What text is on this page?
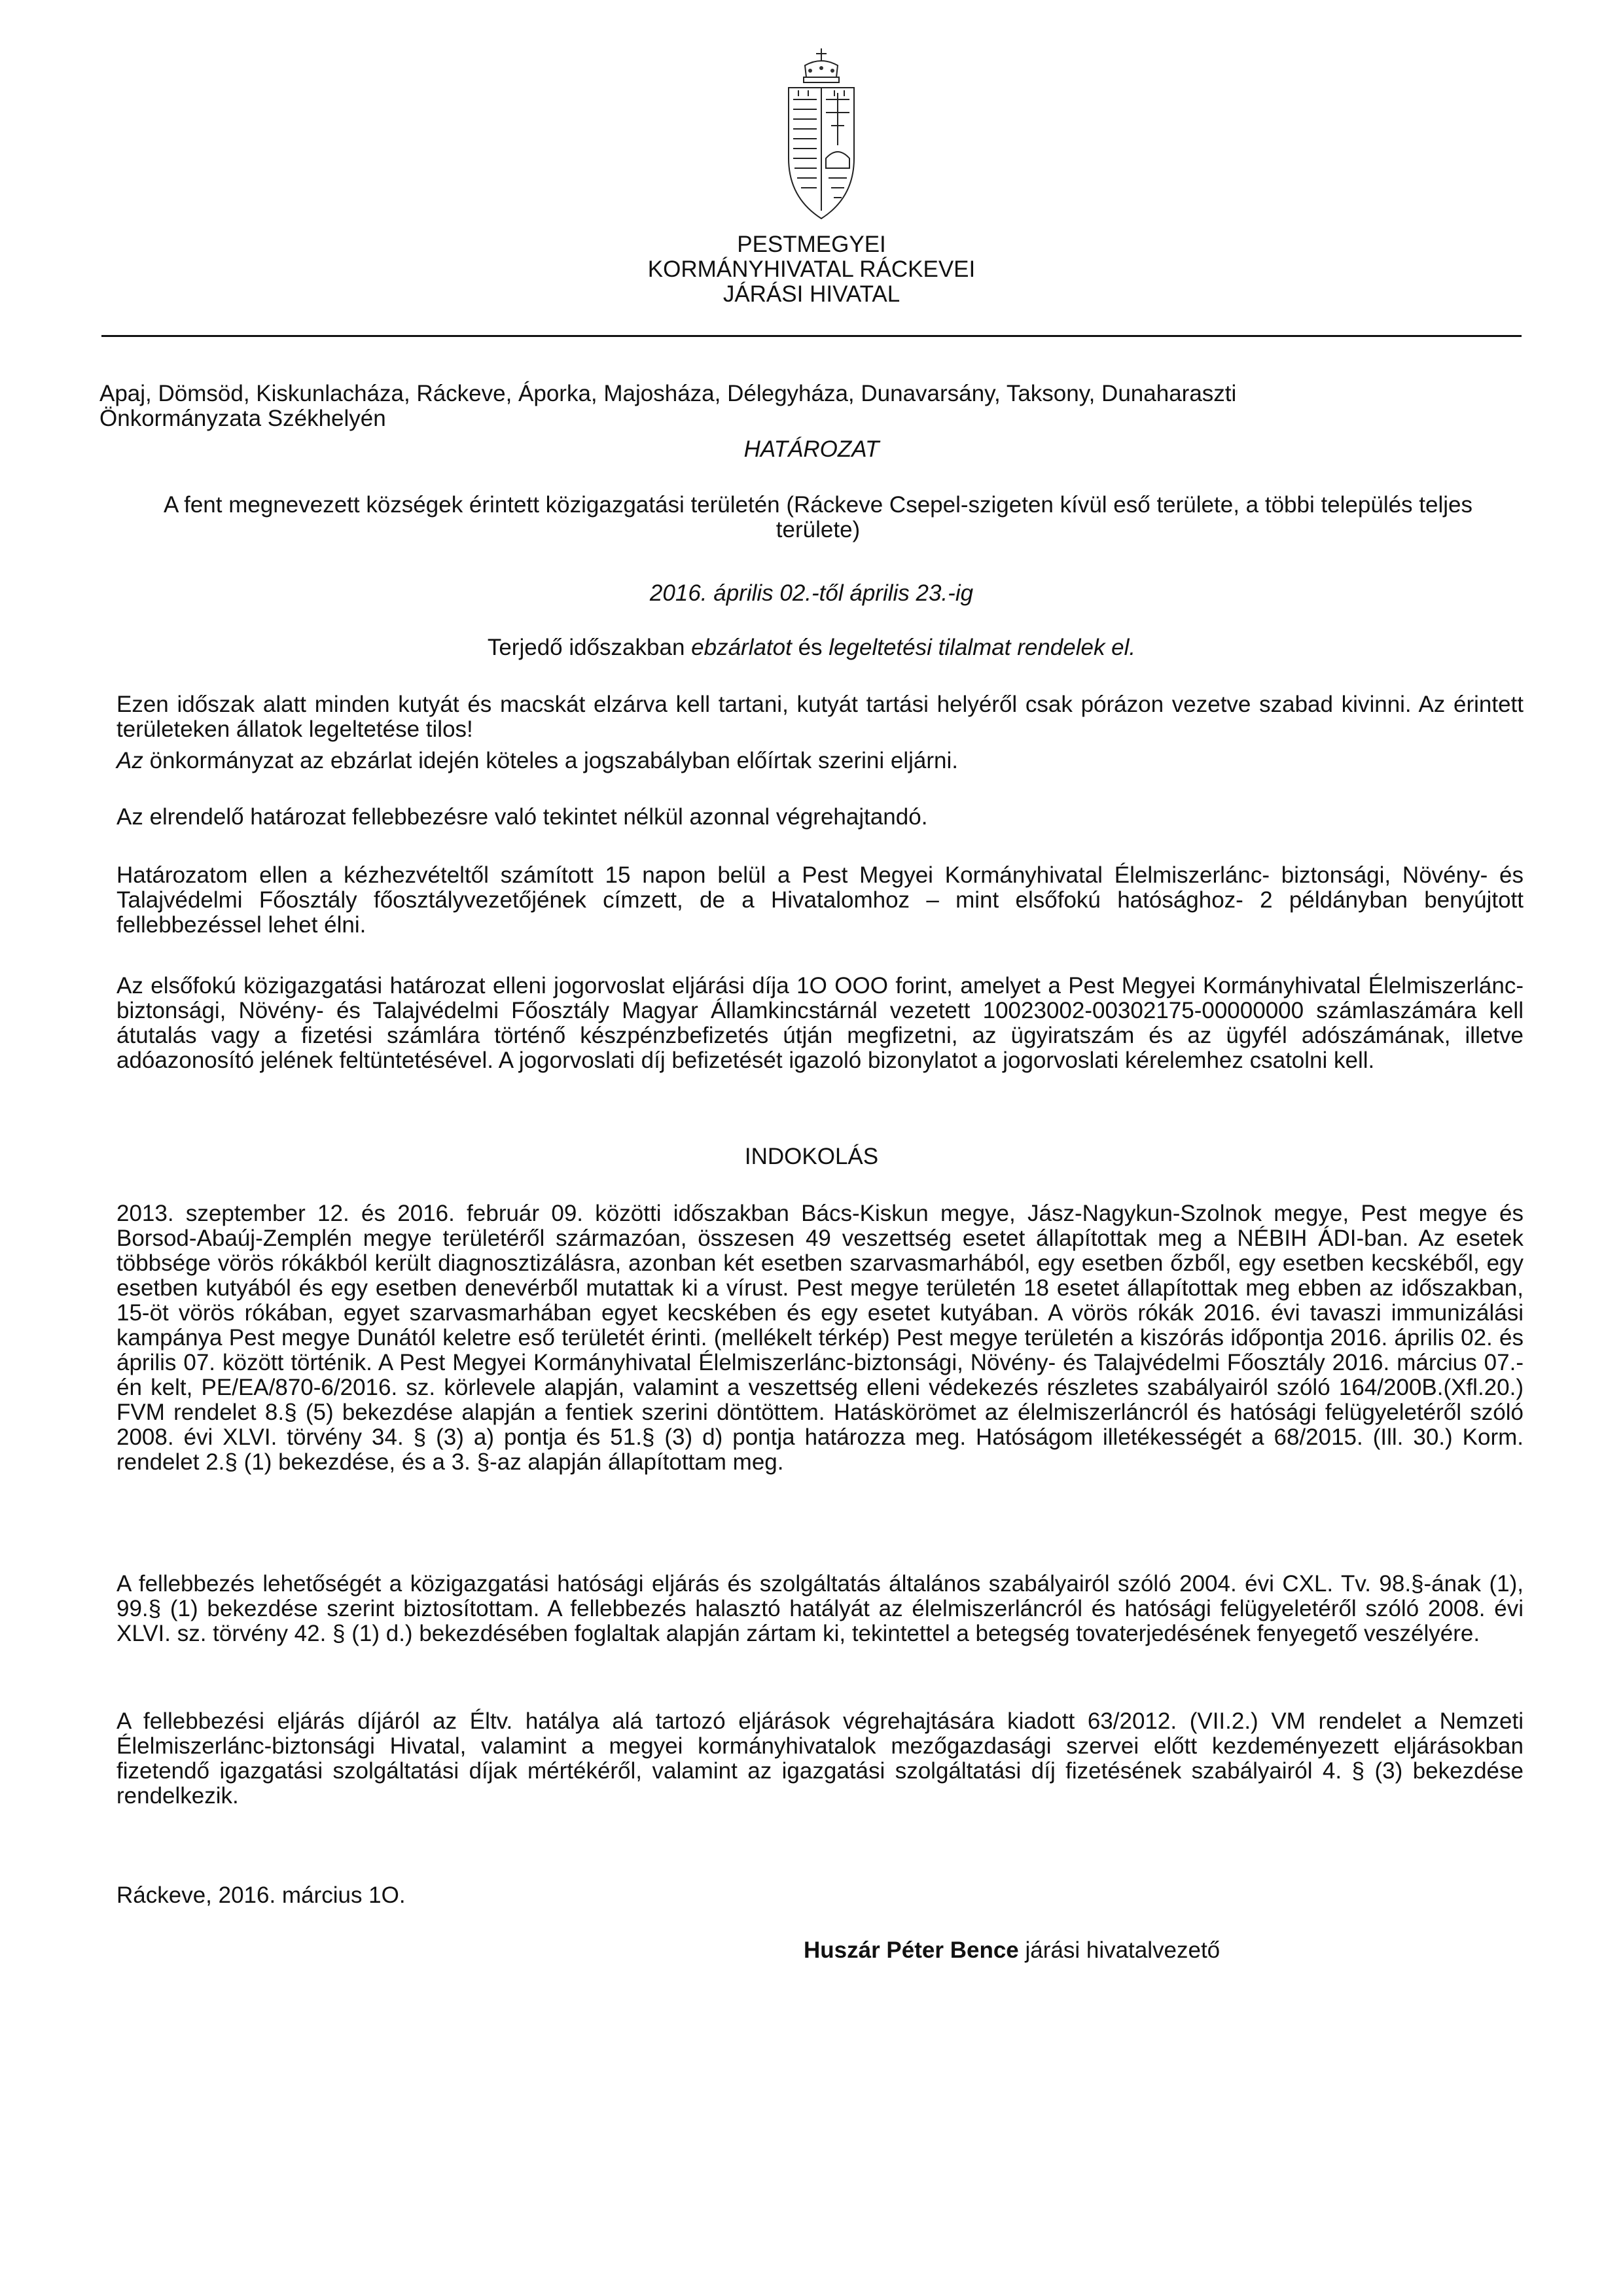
PESTMEGYEI
KORMÁNYHIVATAL RÁCKEVEI
JÁRÁSI HIVATAL

Apaj, Dömsöd, Kiskunlacháza, Ráckeve, Áporka, Majosháza, Délegyháza, Dunavarsány, Taksony, Dunaharaszti Önkormányzata Székhelyén

HATÁROZAT

A fent megnevezett községek érintett közigazgatási területén (Ráckeve Csepel-szigeten kívül eső területe, a többi település teljes területe)

2016. április 02.-től április 23.-ig

Terjedő időszakban ebzárlatot és legeltetési tilalmat rendelek el.

Ezen időszak alatt minden kutyát és macskát elzárva kell tartani, kutyát tartási helyéről csak pórázon vezetve szabad kivinni. Az érintett területeken állatok legeltetése tilos!

Az önkormányzat az ebzárlat idején köteles a jogszabályban előírtak szerini eljárni.

Az elrendelő határozat fellebbezésre való tekintet nélkül azonnal végrehajtandó.

Határozatom ellen a kézhezvételtől számított 15 napon belül a Pest Megyei Kormányhivatal Élelmiszerlánc- biztonsági, Növény- és Talajvédelmi Főosztály főosztályvezetőjének címzett, de a Hivatalomhoz – mint elsőfokú hatósághoz- 2 példányban benyújtott fellebbezéssel lehet élni.

Az elsőfokú közigazgatási határozat elleni jogorvoslat eljárási díja 1O OOO forint, amelyet a Pest Megyei Kormányhivatal Élelmiszerlánc-biztonsági, Növény- és Talajvédelmi Főosztály Magyar Államkincstárnál vezetett 10023002-00302175-00000000 számlaszámára kell átutalás vagy a fizetési számlára történő készpénzbefizetés útján megfizetni, az ügyiratszám és az ügyfél adószámának, illetve adóazonosító jelének feltüntetésével. A jogorvoslati díj befizetését igazoló bizonylatot a jogorvoslati kérelemhez csatolni kell.

INDOKOLÁS

2013. szeptember 12. és 2016. február 09. közötti időszakban Bács-Kiskun megye, Jász-Nagykun-Szolnok megye, Pest megye és Borsod-Abaúj-Zemplén megye területéről származóan, összesen 49 veszettség esetet állapítottak meg a NÉBIH ÁDI-ban. Az esetek többsége vörös rókákból került diagnosztizálásra, azonban két esetben szarvasmarhából, egy esetben őzből, egy esetben kecskéből, egy esetben kutyából és egy esetben denevérből mutattak ki a vírust. Pest megye területén 18 esetet állapítottak meg ebben az időszakban, 15-öt vörös rókában, egyet szarvasmarhában egyet kecskében és egy esetet kutyában. A vörös rókák 2016. évi tavaszi immunizálási kampánya Pest megye Dunától keletre eső területét érinti. (mellékelt térkép) Pest megye területén a kiszórás időpontja 2016. április 02. és április 07. között történik. A Pest Megyei Kormányhivatal Élelmiszerlánc-biztonsági, Növény- és Talajvédelmi Főosztály 2016. március 07.-én kelt, PE/EA/870-6/2016. sz. körlevele alapján, valamint a veszettség elleni védekezés részletes szabályairól szóló 164/200B.(Xfl.20.) FVM rendelet 8.§ (5) bekezdése alapján a fentiek szerini döntöttem. Hatáskörömet az élelmiszerláncról és hatósági felügyeletéről szóló 2008. évi XLVI. törvény 34. § (3) a) pontja és 51.§ (3) d) pontja határozza meg. Hatóságom illetékességét a 68/2015. (Ill. 30.) Korm. rendelet 2.§ (1) bekezdése, és a 3. §-az alapján állapítottam meg.

A fellebbezés lehetőségét a közigazgatási hatósági eljárás és szolgáltatás általános szabályairól szóló 2004. évi CXL. Tv. 98.§-ának (1), 99.§ (1) bekezdése szerint biztosítottam. A fellebbezés halasztó hatályát az élelmiszerláncról és hatósági felügyeletéről szóló 2008. évi XLVI. sz. törvény 42. § (1) d.) bekezdésében foglaltak alapján zártam ki, tekintettel a betegség tovaterjedésének fenyegető veszélyére.

A fellebbezési eljárás díjáról az Éltv. hatálya alá tartozó eljárások végrehajtására kiadott 63/2012. (VII.2.) VM rendelet a Nemzeti Élelmiszerlánc-biztonsági Hivatal, valamint a megyei kormányhivatalok mezőgazdasági szervei előtt kezdeményezett eljárásokban fizetendő igazgatási szolgáltatási díjak mértékéről, valamint az igazgatási szolgáltatási díj fizetésének szabályairól 4. § (3) bekezdése rendelkezik.

Ráckeve, 2016. március 1O.

Huszár Péter Bence járási hivatalvezető
